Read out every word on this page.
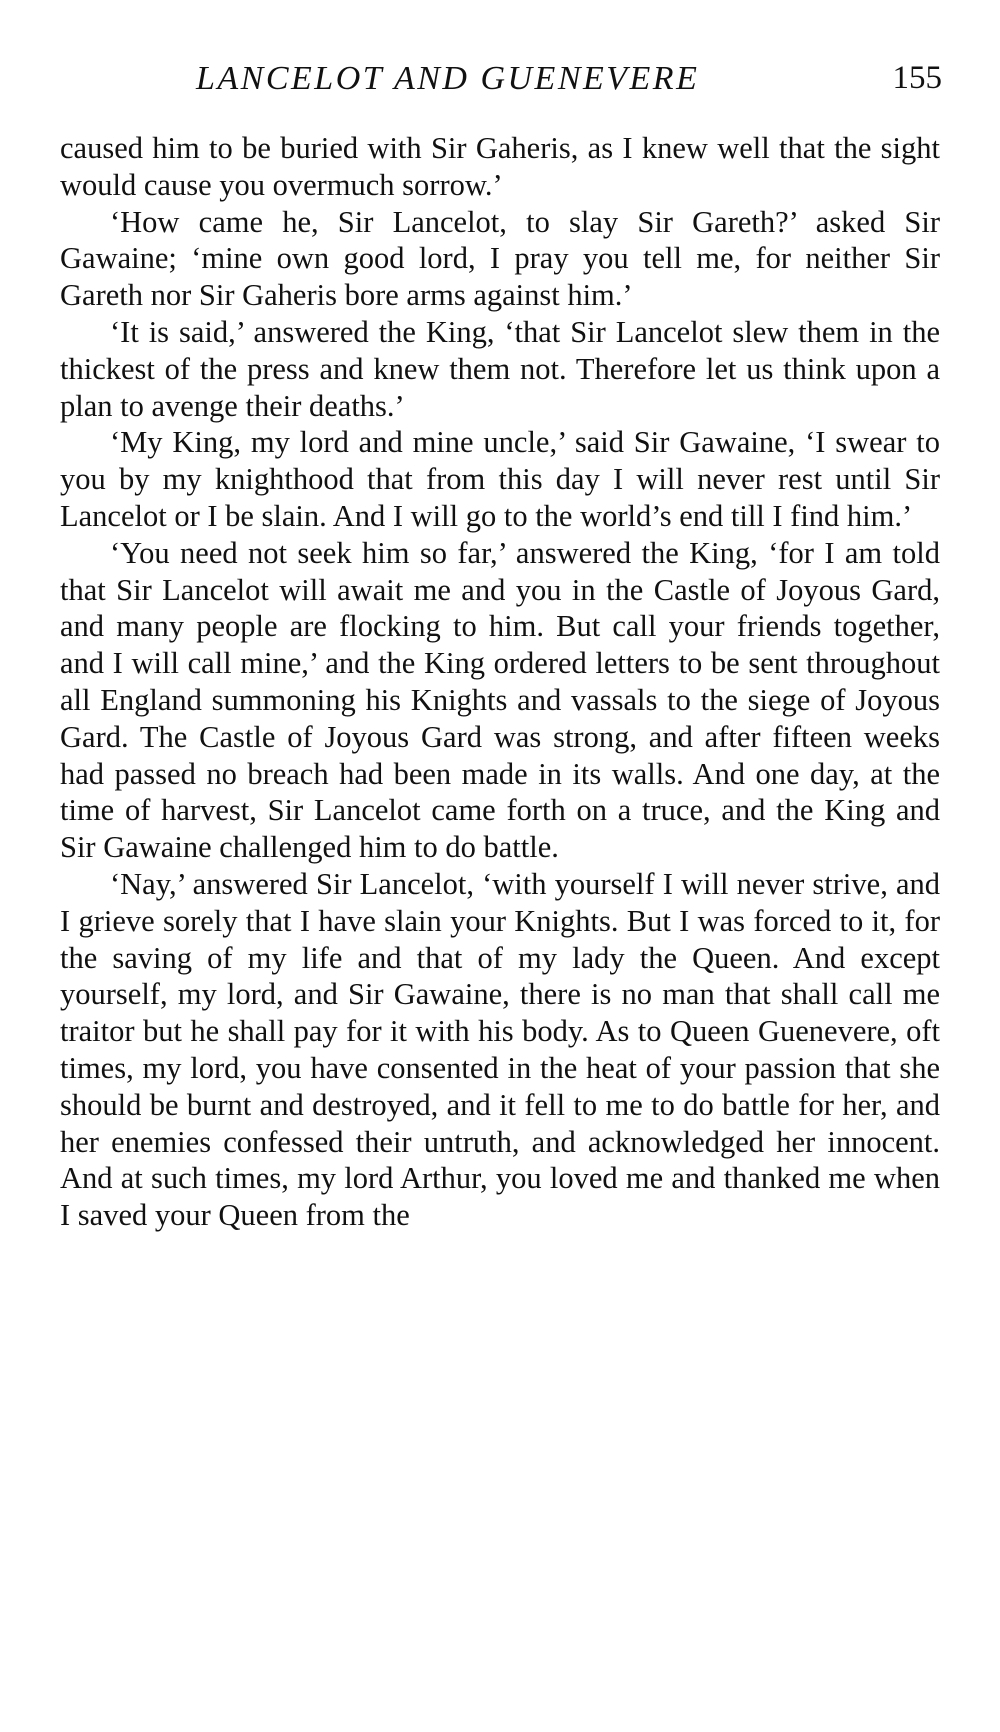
LANCELOT AND GUENEVERE	155

caused him to be buried with Sir Gaheris, as I knew well that the sight would cause you overmuch sorrow.’

‘How came he, Sir Lancelot, to slay Sir Gareth?’ asked Sir Gawaine; ‘mine own good lord, I pray you tell me, for neither Sir Gareth nor Sir Gaheris bore arms against him.’

‘It is said,’ answered the King, ‘that Sir Lancelot slew them in the thickest of the press and knew them not. Therefore let us think upon a plan to avenge their deaths.’

‘My King, my lord and mine uncle,’ said Sir Gawaine, ‘I swear to you by my knighthood that from this day I will never rest until Sir Lancelot or I be slain. And I will go to the world’s end till I find him.’

‘You need not seek him so far,’ answered the King, ‘for I am told that Sir Lancelot will await me and you in the Castle of Joyous Gard, and many people are flocking to him. But call your friends together, and I will call mine,’ and the King ordered letters to be sent throughout all England summoning his Knights and vassals to the siege of Joyous Gard. The Castle of Joyous Gard was strong, and after fifteen weeks had passed no breach had been made in its walls. And one day, at the time of harvest, Sir Lancelot came forth on a truce, and the King and Sir Gawaine challenged him to do battle.

‘Nay,’ answered Sir Lancelot, ‘with yourself I will never strive, and I grieve sorely that I have slain your Knights. But I was forced to it, for the saving of my life and that of my lady the Queen. And except yourself, my lord, and Sir Gawaine, there is no man that shall call me traitor but he shall pay for it with his body. As to Queen Guenevere, oft times, my lord, you have consented in the heat of your passion that she should be burnt and destroyed, and it fell to me to do battle for her, and her enemies confessed their untruth, and acknowledged her innocent. And at such times, my lord Arthur, you loved me and thanked me when I saved your Queen from the
